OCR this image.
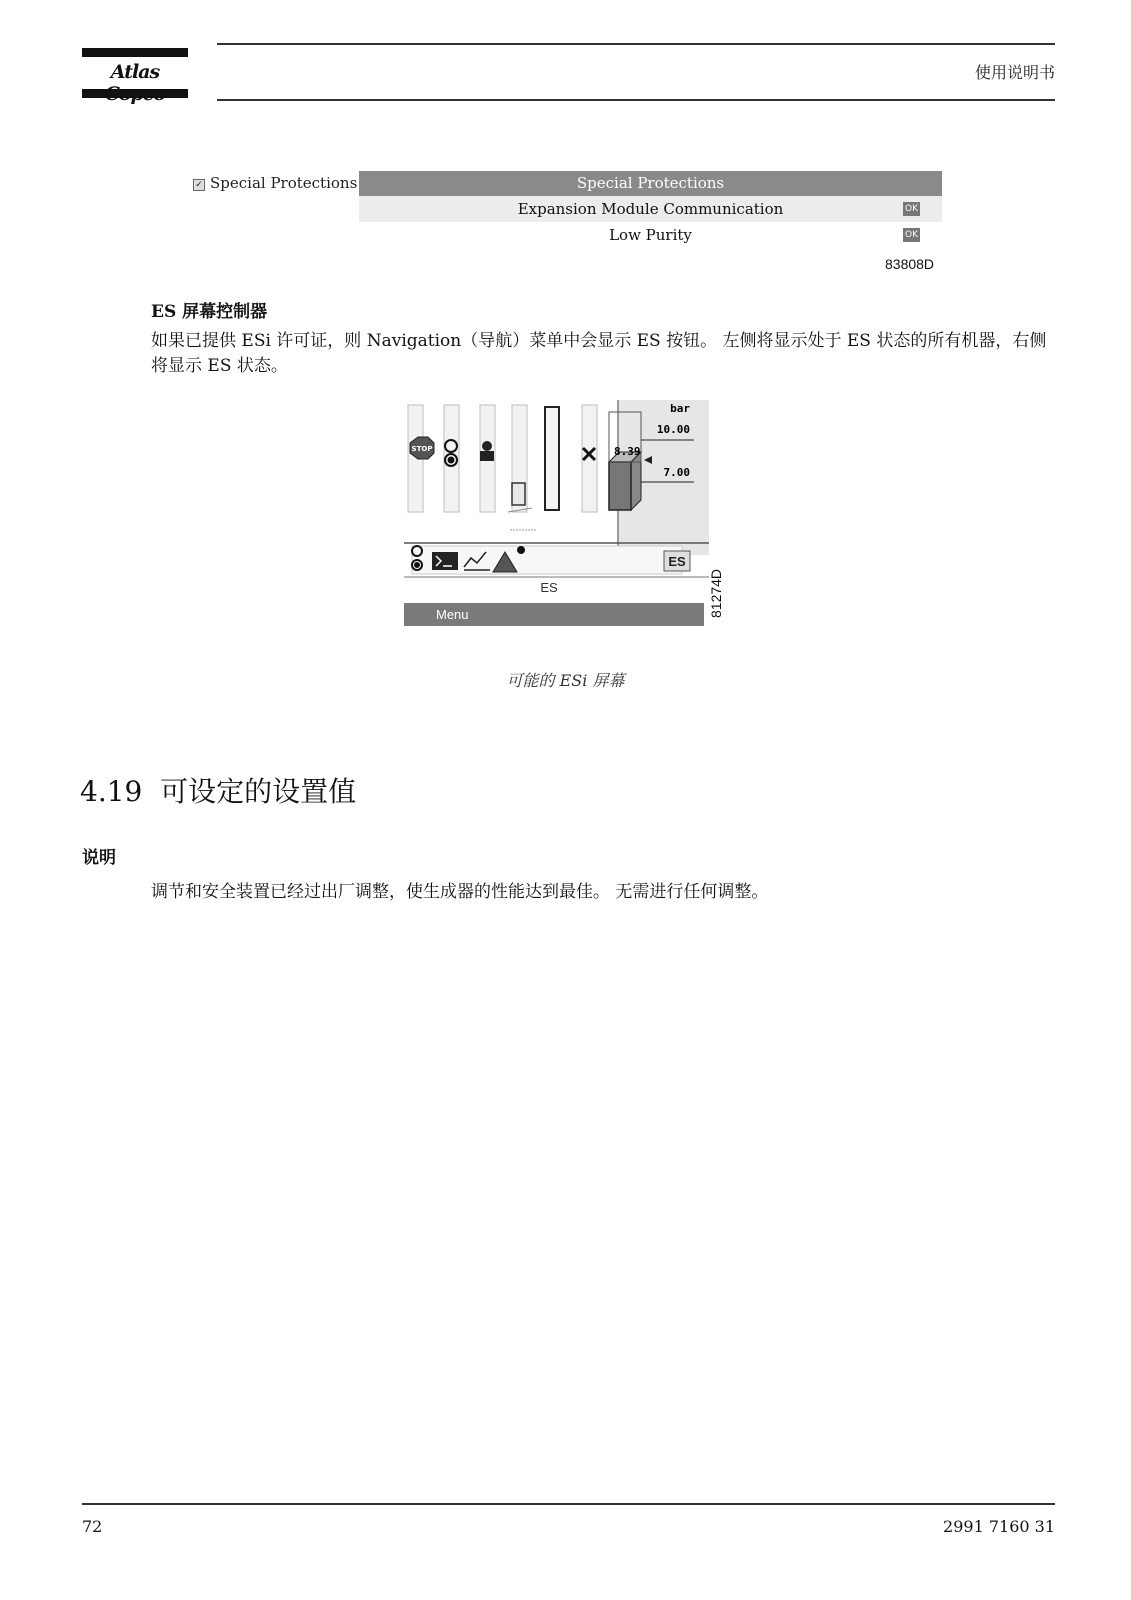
Atlas	使用说明书
✓ Special Protections	Special Protections
Expansion Module Communication	OK
Low Purity	OK
83808D
ES 屏幕控制器
如果已提供 ESi 许可证，则 Navigation（导航）菜单中会显示 ES 按钮。 左侧将显示处于 ES 状态的所有机器，右侧将显示 ES 状态。
STOP
bar
10.00
8.39
7.00
ES
ES
Menu	81274D
可能的 ESi 屏幕
4.19  可设定的设置值
说明
调节和安全装置已经过出厂调整，使生成器的性能达到最佳。 无需进行任何调整。
72	2991 7160 31
